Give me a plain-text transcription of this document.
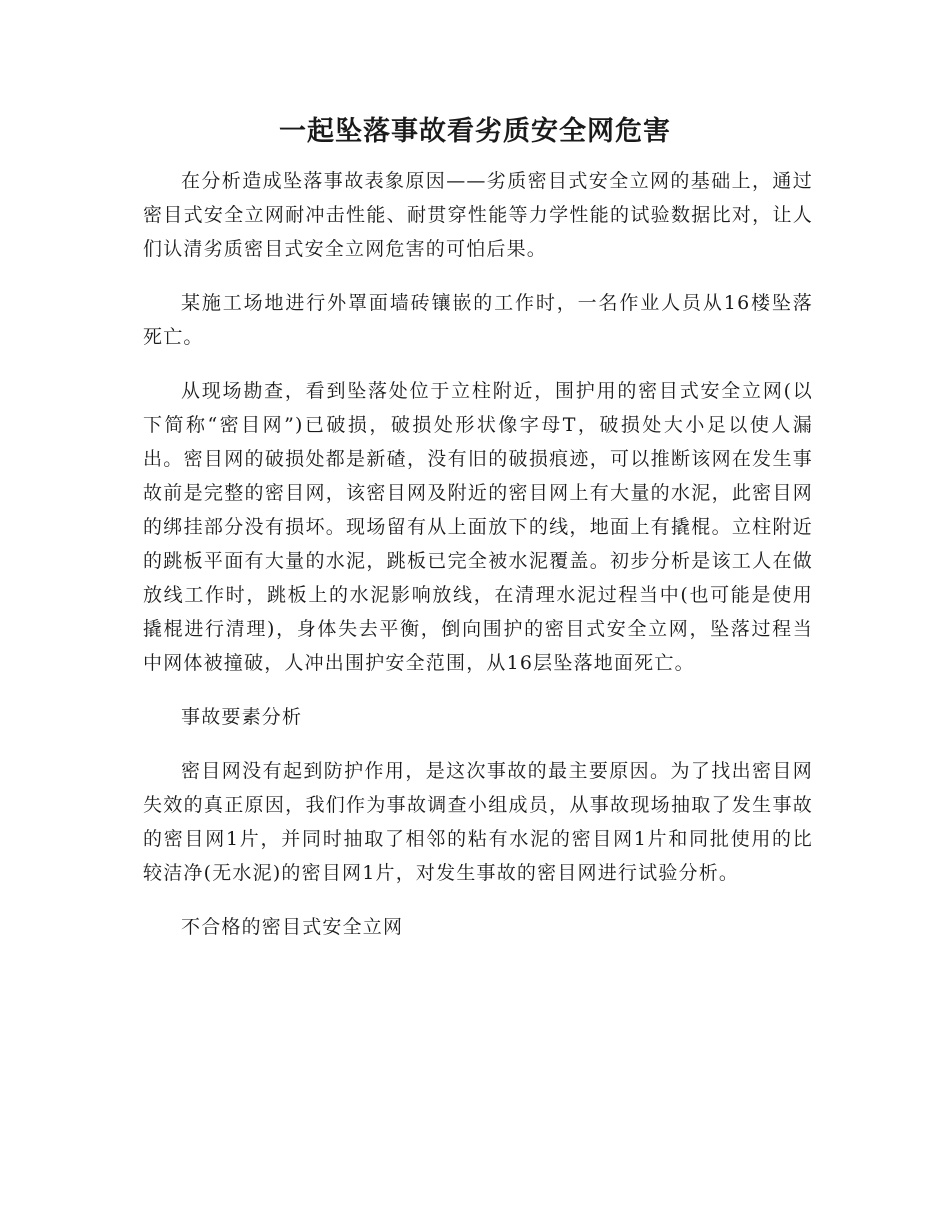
一起坠落事故看劣质安全网危害

在分析造成坠落事故表象原因——劣质密目式安全立网的基础上，通过密目式安全立网耐冲击性能、耐贯穿性能等力学性能的试验数据比对，让人们认清劣质密目式安全立网危害的可怕后果。

某施工场地进行外罩面墙砖镶嵌的工作时，一名作业人员从16楼坠落死亡。

从现场勘查，看到坠落处位于立柱附近，围护用的密目式安全立网(以下简称“密目网”)已破损，破损处形状像字母T，破损处大小足以使人漏出。密目网的破损处都是新碴，没有旧的破损痕迹，可以推断该网在发生事故前是完整的密目网，该密目网及附近的密目网上有大量的水泥，此密目网的绑挂部分没有损坏。现场留有从上面放下的线，地面上有撬棍。立柱附近的跳板平面有大量的水泥，跳板已完全被水泥覆盖。初步分析是该工人在做放线工作时，跳板上的水泥影响放线，在清理水泥过程当中(也可能是使用撬棍进行清理)，身体失去平衡，倒向围护的密目式安全立网，坠落过程当中网体被撞破，人冲出围护安全范围，从16层坠落地面死亡。

事故要素分析

密目网没有起到防护作用，是这次事故的最主要原因。为了找出密目网失效的真正原因，我们作为事故调查小组成员，从事故现场抽取了发生事故的密目网1片，并同时抽取了相邻的粘有水泥的密目网1片和同批使用的比较洁净(无水泥)的密目网1片，对发生事故的密目网进行试验分析。

不合格的密目式安全立网
